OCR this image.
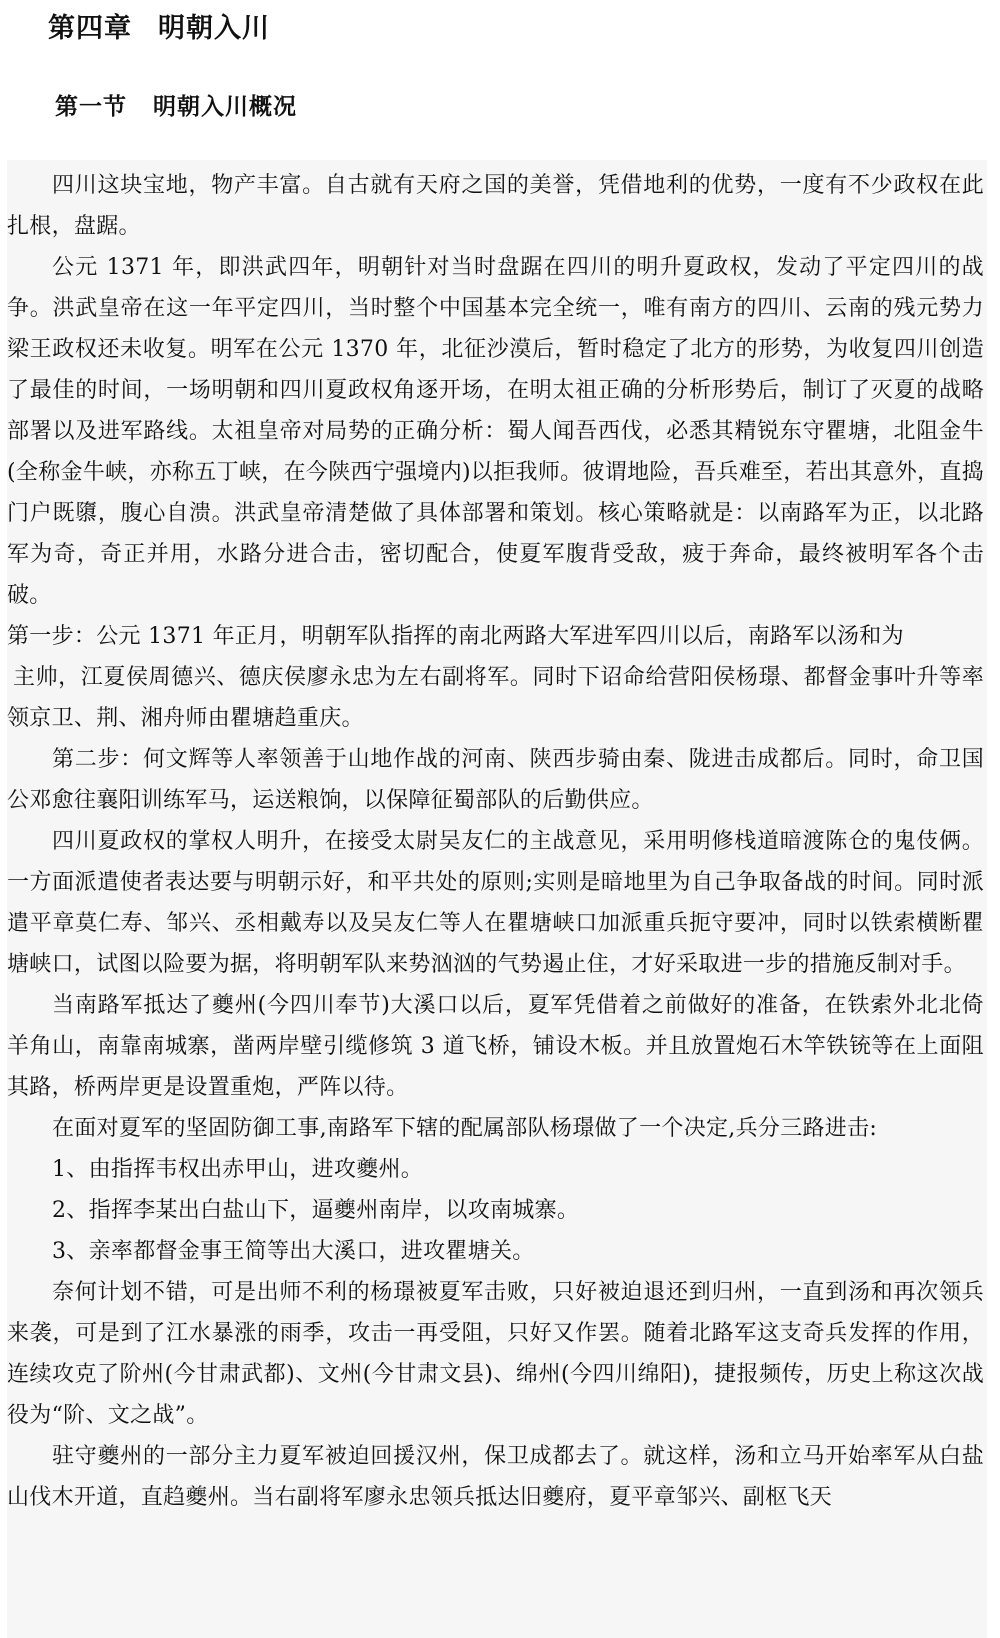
第四章 明朝入川
第一节 明朝入川概况

四川这块宝地，物产丰富。自古就有天府之国的美誉，凭借地利的优势，一度有不少政权在此扎根，盘踞。

公元 1371 年，即洪武四年，明朝针对当时盘踞在四川的明升夏政权，发动了平定四川的战争。洪武皇帝在这一年平定四川，当时整个中国基本完全统一，唯有南方的四川、云南的残元势力梁王政权还未收复。明军在公元 1370 年，北征沙漠后，暂时稳定了北方的形势，为收复四川创造了最佳的时间，一场明朝和四川夏政权角逐开场，在明太祖正确的分析形势后，制订了灭夏的战略部署以及进军路线。太祖皇帝对局势的正确分析：蜀人闻吾西伐，必悉其精锐东守瞿塘，北阻金牛(全称金牛峡，亦称五丁峡，在今陕西宁强境内)以拒我师。彼谓地险，吾兵难至，若出其意外，直捣门户既隳，腹心自溃。洪武皇帝清楚做了具体部署和策划。核心策略就是：以南路军为正，以北路军为奇，奇正并用，水路分进合击，密切配合，使夏军腹背受敌，疲于奔命，最终被明军各个击破。

第一步：公元 1371 年正月，明朝军队指挥的南北两路大军进军四川以后，南路军以汤和为

主帅，江夏侯周德兴、德庆侯廖永忠为左右副将军。同时下诏命给营阳侯杨璟、都督金事叶升等率领京卫、荆、湘舟师由瞿塘趋重庆。

第二步：何文辉等人率领善于山地作战的河南、陕西步骑由秦、陇进击成都后。同时，命卫国公邓愈往襄阳训练军马，运送粮饷，以保障征蜀部队的后勤供应。

四川夏政权的掌权人明升，在接受太尉吴友仁的主战意见，采用明修栈道暗渡陈仓的鬼伎俩。一方面派遣使者表达要与明朝示好，和平共处的原则;实则是暗地里为自己争取备战的时间。同时派遣平章莫仁寿、邹兴、丞相戴寿以及吴友仁等人在瞿塘峡口加派重兵扼守要冲，同时以铁索横断瞿塘峡口，试图以险要为据，将明朝军队来势汹汹的气势遏止住，才好采取进一步的措施反制对手。

当南路军抵达了夔州(今四川奉节)大溪口以后，夏军凭借着之前做好的准备，在铁索外北北倚羊角山，南靠南城寨，凿两岸壁引缆修筑 3 道飞桥，铺设木板。并且放置炮石木竿铁铳等在上面阻其路，桥两岸更是设置重炮，严阵以待。

在面对夏军的坚固防御工事,南路军下辖的配属部队杨璟做了一个决定,兵分三路进击:

1、由指挥韦权出赤甲山，进攻夔州。

2、指挥李某出白盐山下，逼夔州南岸，以攻南城寨。

3、亲率都督金事王简等出大溪口，进攻瞿塘关。

奈何计划不错，可是出师不利的杨璟被夏军击败，只好被迫退还到归州，一直到汤和再次领兵来袭，可是到了江水暴涨的雨季，攻击一再受阻，只好又作罢。随着北路军这支奇兵发挥的作用，连续攻克了阶州(今甘肃武都)、文州(今甘肃文县)、绵州(今四川绵阳)，捷报频传，历史上称这次战役为“阶、文之战”。

驻守夔州的一部分主力夏军被迫回援汉州，保卫成都去了。就这样，汤和立马开始率军从白盐山伐木开道，直趋夔州。当右副将军廖永忠领兵抵达旧夔府，夏平章邹兴、副枢飞天
